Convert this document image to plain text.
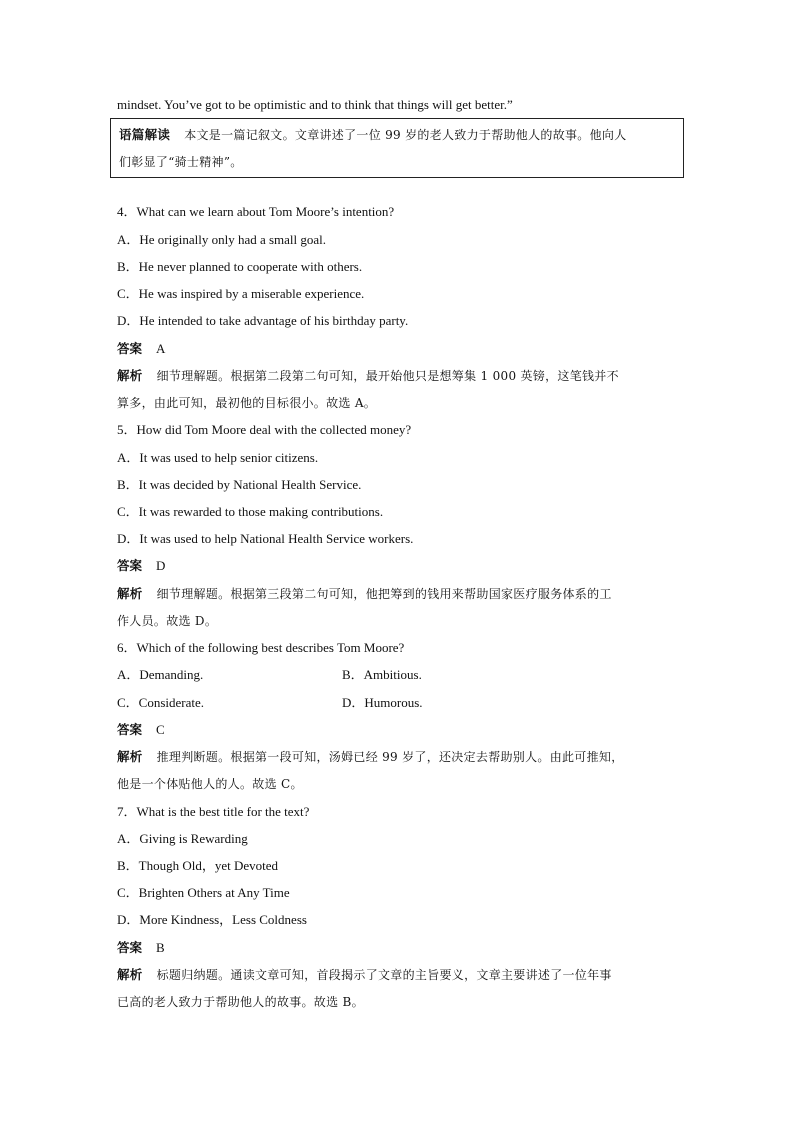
mindset. You’ve got to be optimistic and to think that things will get better.”
语篇解读 本文是一篇记叙文。文章讲述了一位 99 岁的老人致力于帮助他人的故事。他向人
们彰显了“骑士精神”。
4．What can we learn about Tom Moore’s intention?
A．He originally only had a small goal.
B．He never planned to cooperate with others.
C．He was inspired by a miserable experience.
D．He intended to take advantage of his birthday party.
答案 A
解析 细节理解题。根据第二段第二句可知，最开始他只是想筹集 1 000 英镑，这笔钱并不
算多，由此可知，最初他的目标很小。故选 A。
5．How did Tom Moore deal with the collected money?
A．It was used to help senior citizens.
B．It was decided by National Health Service.
C．It was rewarded to those making contributions.
D．It was used to help National Health Service workers.
答案 D
解析 细节理解题。根据第三段第二句可知，他把筹到的钱用来帮助国家医疗服务体系的工
作人员。故选 D。
6．Which of the following best describes Tom Moore?
A．Demanding.	B．Ambitious.
C．Considerate.	D．Humorous.
答案 C
解析 推理判断题。根据第一段可知，汤姆已经 99 岁了，还决定去帮助别人。由此可推知，
他是一个体贴他人的人。故选 C。
7．What is the best title for the text?
A．Giving is Rewarding
B．Though Old，yet Devoted
C．Brighten Others at Any Time
D．More Kindness，Less Coldness
答案 B
解析 标题归纳题。通读文章可知，首段揭示了文章的主旨要义，文章主要讲述了一位年事
已高的老人致力于帮助他人的故事。故选 B。
